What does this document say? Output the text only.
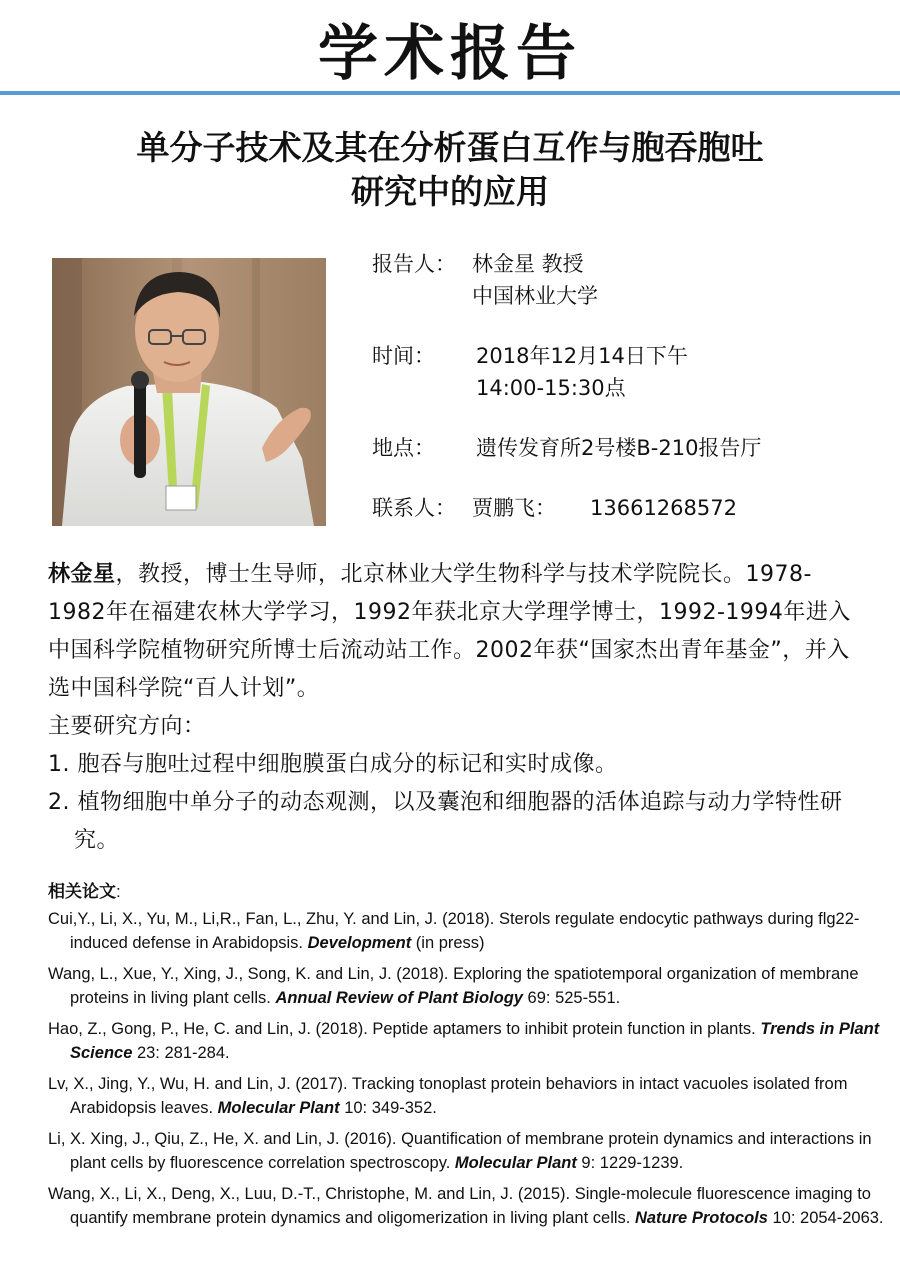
学术报告
单分子技术及其在分析蛋白互作与胞吞胞吐
研究中的应用
报告人： 林金星 教授
中国林业大学
时间： 2018年12月14日下午
14:00-15:30点
地点： 遗传发育所2号楼B-210报告厅
联系人： 贾鹏飞： 13661268572

林金星，教授，博士生导师，北京林业大学生物科学与技术学院院长。1978-1982年在福建农林大学学习，1992年获北京大学理学博士，1992-1994年进入中国科学院植物研究所博士后流动站工作。2002年获“国家杰出青年基金”，并入选中国科学院“百人计划”。

主要研究方向：

1. 胞吞与胞吐过程中细胞膜蛋白成分的标记和实时成像。

2. 植物细胞中单分子的动态观测，以及囊泡和细胞器的活体追踪与动力学特性研究。

相关论文:
Cui,Y., Li, X., Yu, M., Li,R., Fan, L., Zhu, Y. and Lin, J. (2018). Sterols regulate endocytic pathways during flg22-induced defense in Arabidopsis. Development (in press)
Wang, L., Xue, Y., Xing, J., Song, K. and Lin, J. (2018). Exploring the spatiotemporal organization of membrane proteins in living plant cells. Annual Review of Plant Biology 69: 525-551.
Hao, Z., Gong, P., He, C. and Lin, J. (2018). Peptide aptamers to inhibit protein function in plants. Trends in Plant Science 23: 281-284.
Lv, X., Jing, Y., Wu, H. and Lin, J. (2017). Tracking tonoplast protein behaviors in intact vacuoles isolated from Arabidopsis leaves. Molecular Plant 10: 349-352.
Li, X. Xing, J., Qiu, Z., He, X. and Lin, J. (2016). Quantification of membrane protein dynamics and interactions in plant cells by fluorescence correlation spectroscopy. Molecular Plant 9: 1229-1239.
Wang, X., Li, X., Deng, X., Luu, D.-T., Christophe, M. and Lin, J. (2015). Single-molecule fluorescence imaging to quantify membrane protein dynamics and oligomerization in living plant cells. Nature Protocols 10: 2054-2063.
